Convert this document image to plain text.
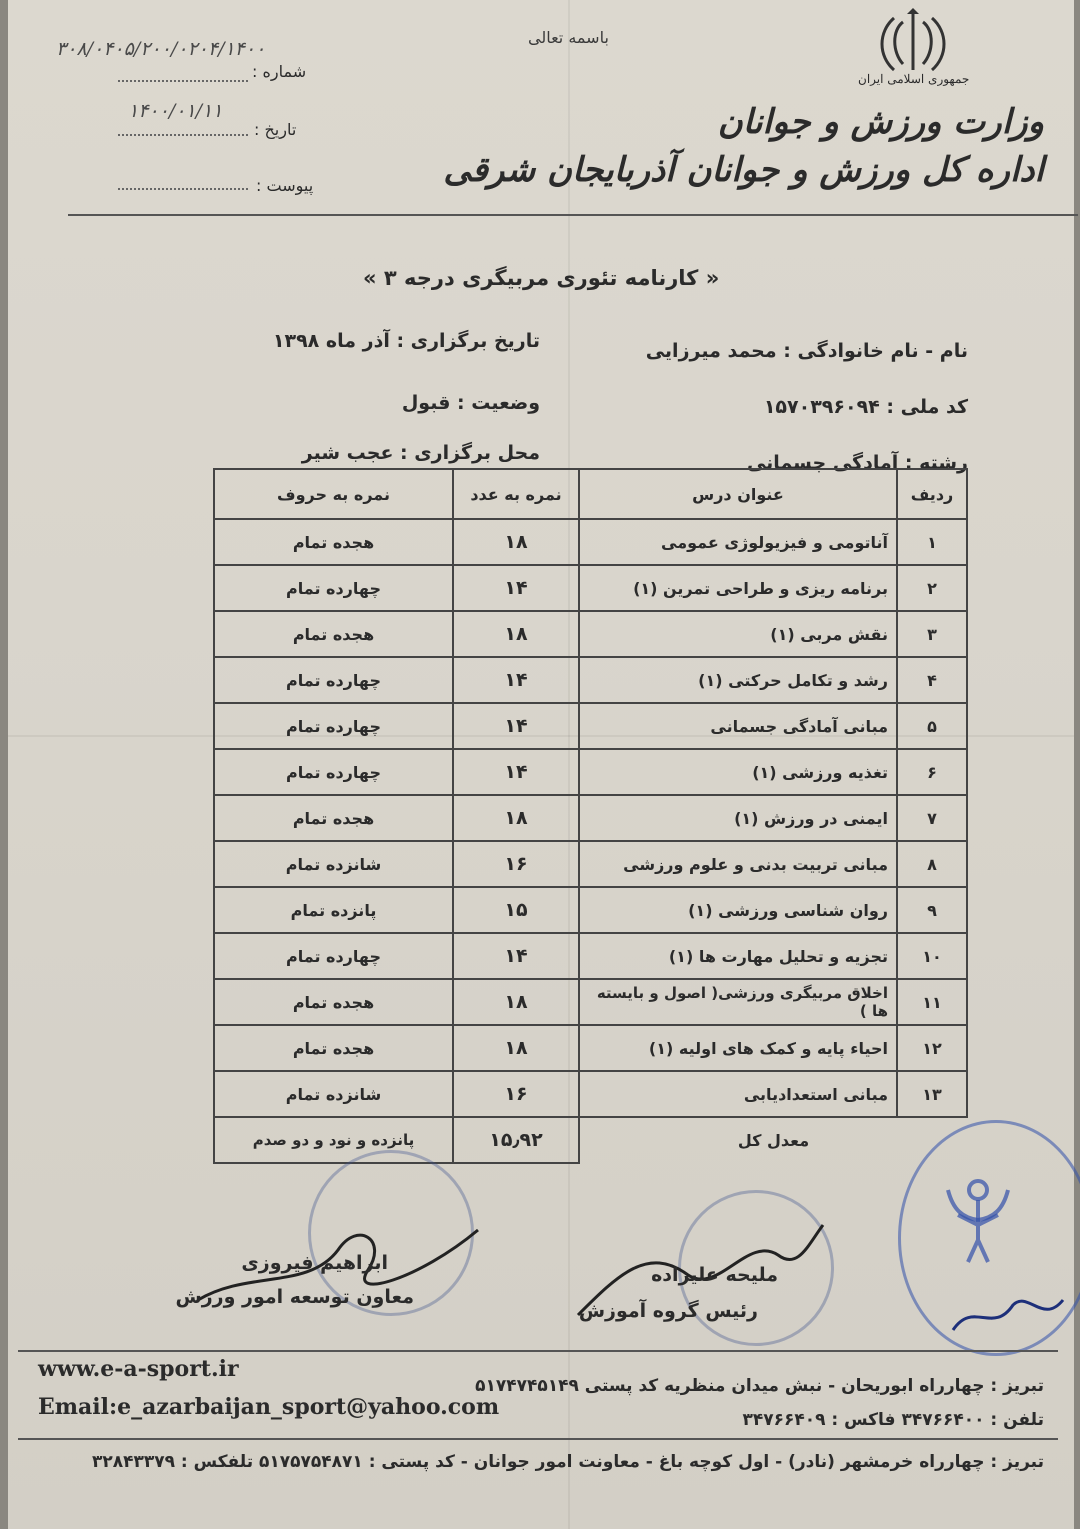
باسمه تعالی
جمهوری اسلامی ایران
وزارت ورزش و جوانان
اداره کل ورزش و جوانان آذربایجان شرقی
شماره :
۳۰۸/۰۴۰۵/۲۰۰/۰۲۰۴/۱۴۰۰
تاریخ :
۱۴۰۰/۰۱/۱۱
پیوست :
« کارنامه تئوری مربیگری درجه ۳ »
نام - نام خانوادگی : محمد میرزایی
تاریخ برگزاری : آذر ماه ۱۳۹۸
کد ملی : ۱۵۷۰۳۹۶۰۹۴
وضعیت : قبول
رشته : آمادگی جسمانی
محل برگزاری : عجب شیر
ردیف	عنوان درس	نمره به عدد	نمره به حروف
۱	آناتومی و فیزیولوژی عمومی	۱۸	هجده تمام
۲	برنامه ریزی و طراحی تمرین (۱)	۱۴	چهارده تمام
۳	نقش مربی (۱)	۱۸	هجده تمام
۴	رشد و تکامل حرکتی (۱)	۱۴	چهارده تمام
۵	مبانی آمادگی جسمانی	۱۴	چهارده تمام
۶	تغذیه ورزشی (۱)	۱۴	چهارده تمام
۷	ایمنی در ورزش (۱)	۱۸	هجده تمام
۸	مبانی تربیت بدنی و علوم ورزشی	۱۶	شانزده تمام
۹	روان شناسی ورزشی (۱)	۱۵	پانزده تمام
۱۰	تجزیه و تحلیل مهارت ها (۱)	۱۴	چهارده تمام
۱۱	اخلاق مربیگری ورزشی( اصول و بایسته ها )	۱۸	هجده تمام
۱۲	احیاء پایه و کمک های اولیه (۱)	۱۸	هجده تمام
۱۳	مبانی استعدادیابی	۱۶	شانزده تمام
معدل کل		۱۵٫۹۲	پانزده و نود و دو صدم
ابراهیم فیروزی
معاون توسعه امور ورزش
ملیحه علیزاده
رئیس گروه آموزش
www.e-a-sport.ir
Email:e_azarbaijan_sport@yahoo.com
تبریز : چهارراه ابوریحان - نبش میدان منظریه کد پستی ۵۱۷۴۷۴۵۱۴۹
تلفن : ۳۴۷۶۶۴۰۰ فاکس : ۳۴۷۶۶۴۰۹
تبریز : چهارراه خرمشهر (نادر) - اول کوچه باغ - معاونت امور جوانان - کد پستی : ۵۱۷۵۷۵۴۸۷۱ تلفکس : ۳۲۸۴۳۳۷۹
